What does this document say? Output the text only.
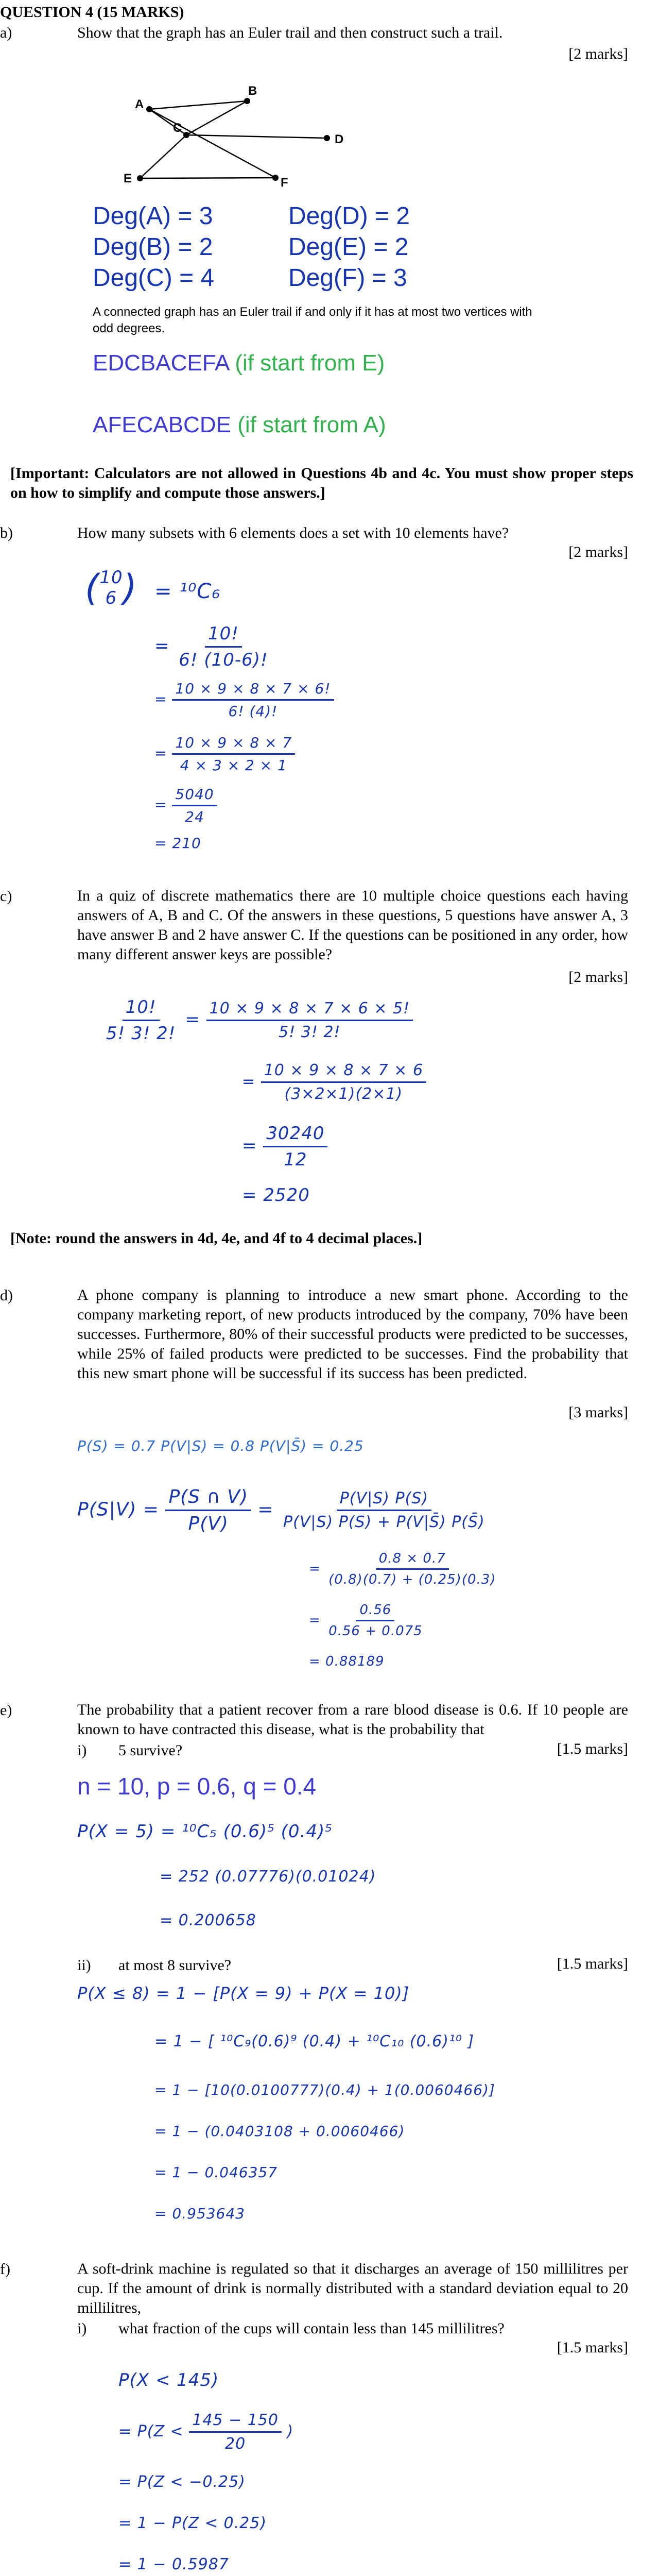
QUESTION 4 (15 MARKS)
a)	Show that the graph has an Euler trail and then construct such a trail.
[2 marks]
A
B
C
D
E	F
Deg(A) = 3
Deg(B) = 2
Deg(C) = 4
Deg(D) = 2
Deg(E) = 2
Deg(F) = 3
A connected graph has an Euler trail if and only if it has at most two vertices with odd degrees.
EDCBACEFA (if start from E)
AFECABCDE (if start from A)
[Important: Calculators are not allowed in Questions 4b and 4c. You must show proper steps on how to simplify and compute those answers.]
b)	How many subsets with 6 elements does a set with 10 elements have?
[2 marks]
( 10
6 ) = ¹⁰C₆
= $\frac{10!}{6! (10-6)!}$
= $\frac{10 \times 9 \times 8 \times 7 \times 6!}{6! (4)!}$
= $\frac{10 \times 9 \times 8 \times 7}{4 \times 3 \times 2 \times 1}$
= $\frac{5040}{24}$
= 210
c)	In a quiz of discrete mathematics there are 10 multiple choice questions each having answers of A, B and C. Of the answers in these questions, 5 questions have answer A, 3 have answer B and 2 have answer C. If the questions can be positioned in any order, how many different answer keys are possible?
[2 marks]
$\frac{10!}{5! 3! 2!} = \frac{10 \times 9 \times 8 \times 7 \times 6 \times 5!}{5! 3! 2!}$
= $\frac{10 \times 9 \times 8 \times 7 \times 6}{(3\times 2\times 1)(2\times 1)}$
= $\frac{30240}{12}$
= 2520
[Note: round the answers in 4d, 4e, and 4f to 4 decimal places.]
d)	A phone company is planning to introduce a new smart phone. According to the company marketing report, of new products introduced by the company, 70% have been successes. Furthermore, 80% of their successful products were predicted to be successes, while 25% of failed products were predicted to be successes. Find the probability that this new smart phone will be successful if its success has been predicted.
[3 marks]
P(S) = 0.7 P(V|S) = 0.8 P(V|S̄) = 0.25
$P(S|V) = \frac{P(S \cap V)}{P(V)} = \frac{P(V|S) P(S)}{P(V|S) P(S) + P(V|S̄) P(S̄)}$
= $\frac{0.8 \times 0.7}{(0.8)(0.7) + (0.25)(0.3)}$
= $\frac{0.56}{0.56 + 0.075}$
= 0.88189
e)	The probability that a patient recover from a rare blood disease is 0.6. If 10 people are known to have contracted this disease, what is the probability that
i) 5 survive?	[1.5 marks]
n = 10, p = 0.6, q = 0.4
P(X = 5) = ¹⁰C₅ (0.6)⁵ (0.4)⁵
= 252 (0.07776)(0.01024)
= 0.200658
ii) at most 8 survive?	[1.5 marks]
P(X ≤ 8) = 1 − [P(X = 9) + P(X = 10)]
= 1 − [ ¹⁰C₉(0.6)⁹ (0.4) + ¹⁰C₁₀ (0.6)¹⁰ ]
= 1 − [10(0.0100777)(0.4) + 1(0.0060466)]
= 1 − (0.0403108 + 0.0060466)
= 1 − 0.046357
= 0.953643
f)	A soft-drink machine is regulated so that it discharges an average of 150 millilitres per cup. If the amount of drink is normally distributed with a standard deviation equal to 20 millilitres,
i) what fraction of the cups will contain less than 145 millilitres?
[1.5 marks]
P(X < 145)
= $P(Z < \frac{145 - 150}{20}$ )
= P(Z < −0.25)
= 1 − P(Z < 0.25)
= 1 − 0.5987
